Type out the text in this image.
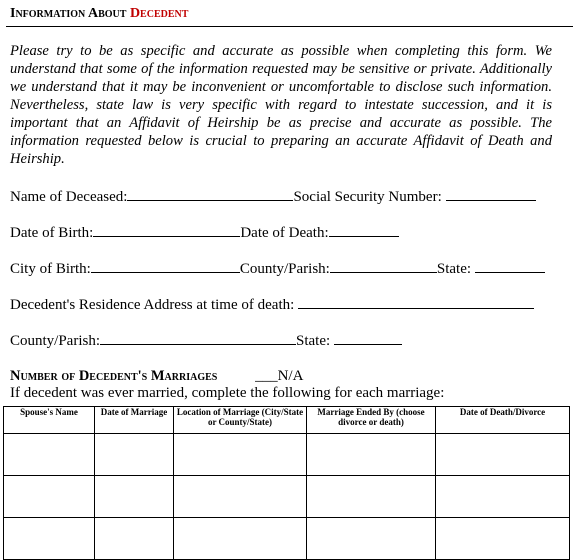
Information About Decedent
Please try to be as specific and accurate as possible when completing this form. We understand that some of the information requested may be sensitive or private. Additionally we understand that it may be inconvenient or uncomfortable to disclose such information. Nevertheless, state law is very specific with regard to intestate succession, and it is important that an Affidavit of Heirship be as precise and accurate as possible. The information requested below is crucial to preparing an accurate Affidavit of Death and Heirship.
Name of Deceased:	Social Security Number:
Date of Birth:	Date of Death:
City of Birth:	County/Parish:	State:
Decedent's Residence Address at time of death:
County/Parish:	State:
Number of Decedent's Marriages	___N/A
If decedent was ever married, complete the following for each marriage:
Spouse's Name	Date of Marriage	Location of Marriage (City/State or County/State)	Marriage Ended By (choose divorce or death)	Date of Death/Divorce
